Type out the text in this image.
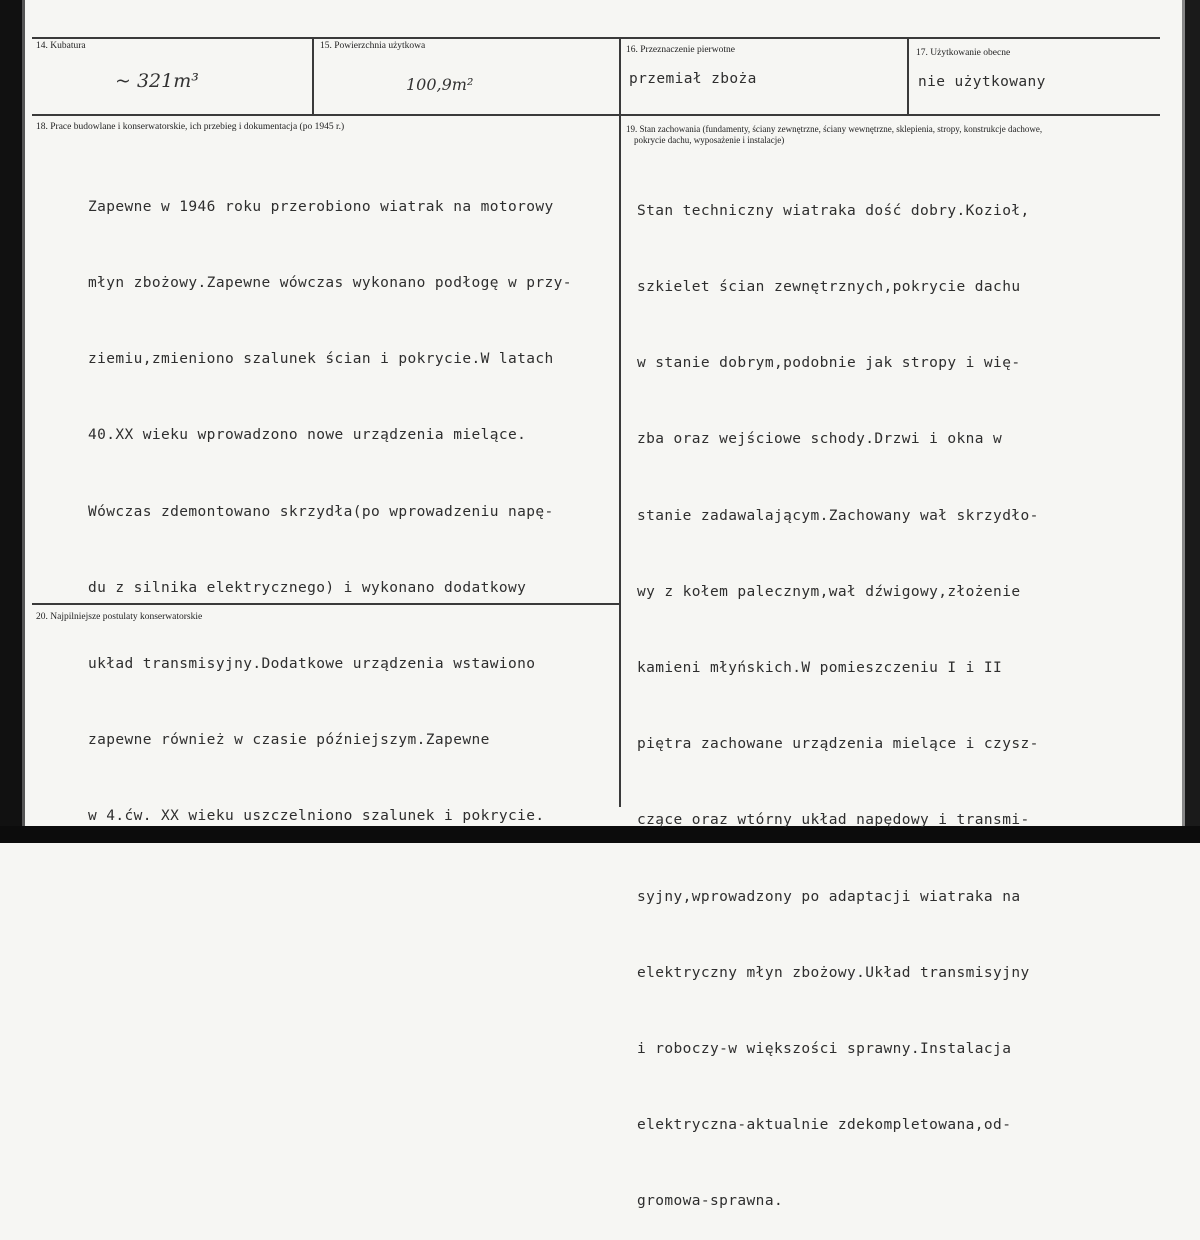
14. Kubatura
~ 321m³
15. Powierzchnia użytkowa
100,9m²
16. Przeznaczenie pierwotne
przemiał zboża
17. Użytkowanie obecne
nie użytkowany
18. Prace budowlane i konserwatorskie, ich przebieg i dokumentacja (po 1945 r.)

Zapewne w 1946 roku przerobiono wiatrak na motorowy

młyn zbożowy.Zapewne wówczas wykonano podłogę w przy-

ziemiu,zmieniono szalunek ścian i pokrycie.W latach

40.XX wieku wprowadzono nowe urządzenia mielące.

Wówczas zdemontowano skrzydła(po wprowadzeniu napę-

du z silnika elektrycznego) i wykonano dodatkowy

układ transmisyjny.Dodatkowe urządzenia wstawiono

zapewne również w czasie późniejszym.Zapewne

w 4.ćw. XX wieku uszczelniono szalunek i pokrycie.

19. Stan zachowania (fundamenty, ściany zewnętrzne, ściany wewnętrzne, sklepienia, stropy, konstrukcje dachowe,
pokrycie dachu, wyposażenie i instalacje)

Stan techniczny wiatraka dość dobry.Kozioł,

szkielet ścian zewnętrznych,pokrycie dachu

w stanie dobrym,podobnie jak stropy i wię-

zba oraz wejściowe schody.Drzwi i okna w

stanie zadawalającym.Zachowany wał skrzydło-

wy z kołem palecznym,wał dźwigowy,złożenie

kamieni młyńskich.W pomieszczeniu I i II

piętra zachowane urządzenia mielące i czysz-

czące oraz wtórny układ napędowy i transmi-

syjny,wprowadzony po adaptacji wiatraka na

elektryczny młyn zbożowy.Układ transmisyjny

i roboczy-w większości sprawny.Instalacja

elektryczna-aktualnie zdekompletowana,od-

gromowa-sprawna.

20. Najpilniejsze postulaty konserwatorskie
